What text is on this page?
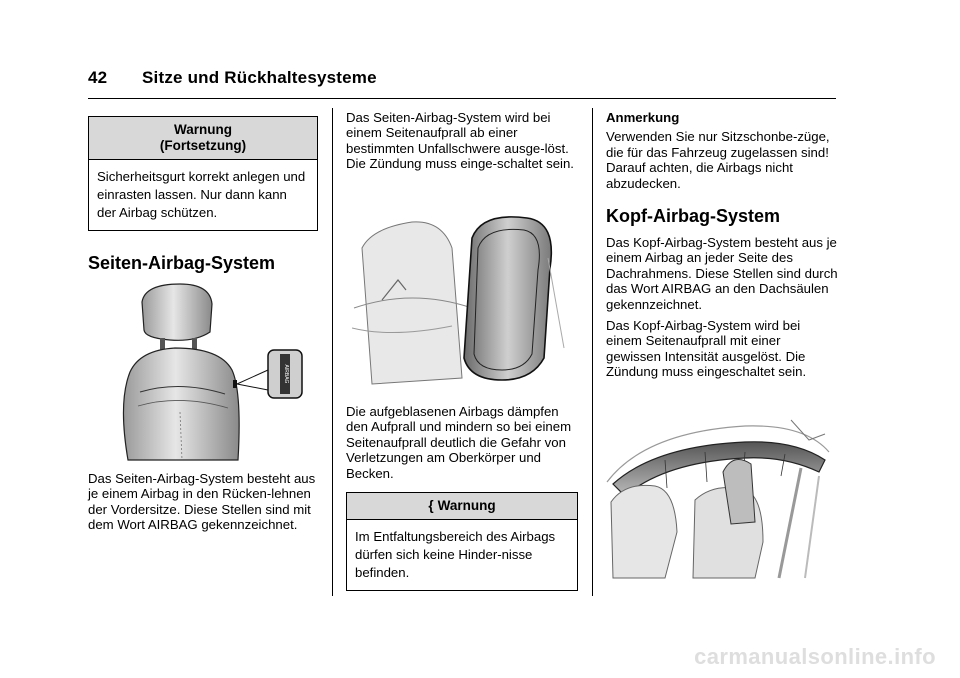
42 Sitze und Rückhaltesysteme
Warnung
(Fortsetzung)
Sicherheitsgurt korrekt anlegen und einrasten lassen. Nur dann kann der Airbag schützen.
Seiten-Airbag-System
AIRBAG

Das Seiten-Airbag-System besteht aus je einem Airbag in den Rücken-lehnen der Vordersitze. Diese Stellen sind mit dem Wort AIRBAG gekennzeichnet.

Das Seiten-Airbag-System wird bei einem Seitenaufprall ab einer bestimmten Unfallschwere ausge-löst. Die Zündung muss einge-schaltet sein.

Die aufgeblasenen Airbags dämpfen den Aufprall und mindern so bei einem Seitenaufprall deutlich die Gefahr von Verletzungen am Oberkörper und Becken.

{ Warnung
Im Entfaltungsbereich des Airbags dürfen sich keine Hinder-nisse befinden.

Anmerkung

Verwenden Sie nur Sitzschonbe-züge, die für das Fahrzeug zugelassen sind! Darauf achten, die Airbags nicht abzudecken.

Kopf-Airbag-System

Das Kopf-Airbag-System besteht aus je einem Airbag an jeder Seite des Dachrahmens. Diese Stellen sind durch das Wort AIRBAG an den Dachsäulen gekennzeichnet.

Das Kopf-Airbag-System wird bei einem Seitenaufprall mit einer gewissen Intensität ausgelöst. Die Zündung muss eingeschaltet sein.

carmanualsonline.info
